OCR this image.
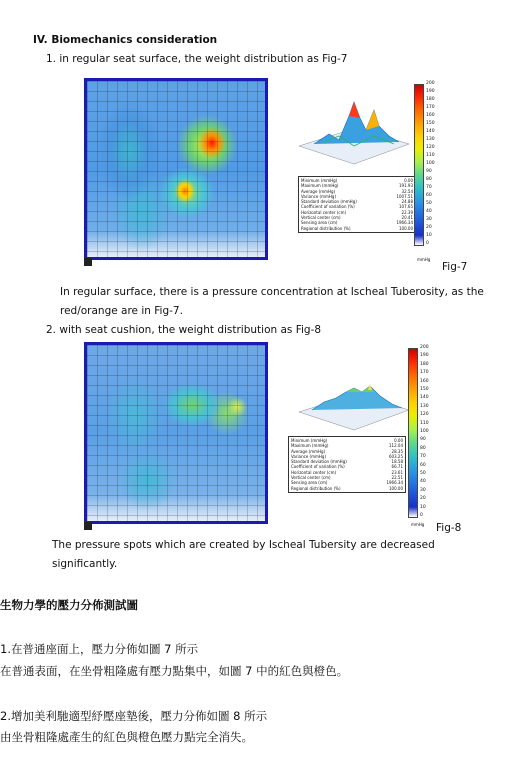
IV. Biomechanics consideration
1. in regular seat surface, the weight distribution as Fig-7
Minimum (mmHg)	0.00
Maximum (mmHg)	191.93
Average (mmHg)	32.54
Variance (mmHg)	1007.51
Standard deviation (mmHg)	24.88
Coefficient of variation (%)	107.65
Horizontal center (cm)	22.39
Vertical center (cm)	20.41
Sensing area (cm)	1966.34
Regional distribution (%)	100.00
200
190
180
170
160
150
140
130
120
110
100
90
80
70
60
50
40
30
20
10
0
mmHg
Fig-7
In regular surface, there is a pressure concentration at Ischeal Tuberosity, as the
red/orange are in Fig-7.
2. with seat cushion, the weight distribution as Fig-8
Minimum (mmHg)	0.00
Maximum (mmHg)	112.04
Average (mmHg)	28.35
Variance (mmHg)	603.25
Standard deviation (mmHg)	18.58
Coefficient of variation (%)	66.71
Horizontal center (cm)	23.61
Vertical center (cm)	22.51
Sensing area (cm)	1966.34
Regional distribution (%)	100.00
200
190
180
170
160
150
140
130
120
110
100
90
80
70
60
50
40
30
20
10
0
mmHg Fig-8
The pressure spots which are created by Ischeal Tubersity are decreased
significantly.
生物力學的壓力分佈測試圖
1.在普通座面上，壓力分佈如圖 7 所示
在普通表面，在坐骨粗隆處有壓力點集中，如圖 7 中的紅色與橙色。
2.增加美利馳適型紓壓座墊後，壓力分佈如圖 8 所示
由坐骨粗隆處產生的紅色與橙色壓力點完全消失。
